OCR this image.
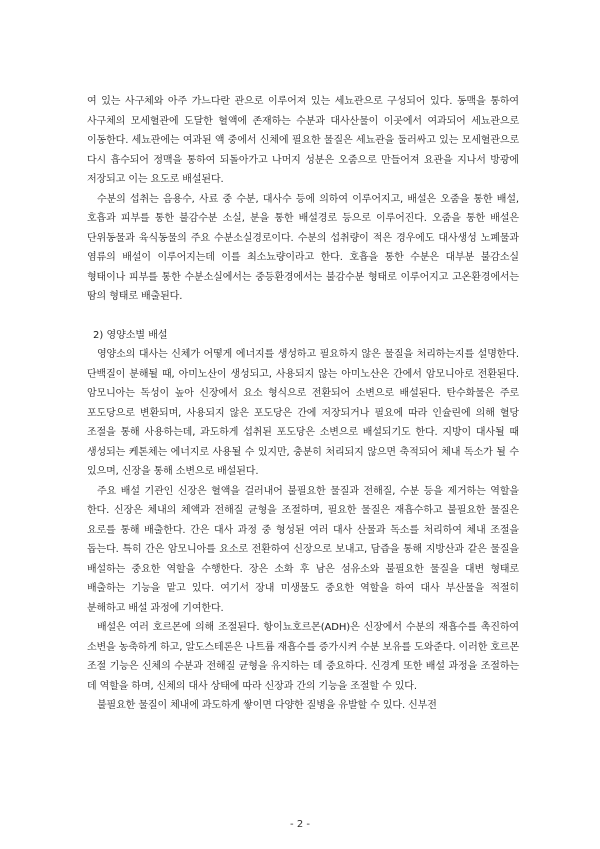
여 있는 사구체와 아주 가느다란 관으로 이루어져 있는 세뇨관으로 구성되어 있다. 동맥을 통하여 사구체의 모세혈관에 도달한 혈액에 존재하는 수분과 대사산물이 이곳에서 여과되어 세뇨관으로 이동한다. 세뇨관에는 여과된 액 중에서 신체에 필요한 물질은 세뇨관을 둘러싸고 있는 모세혈관으로 다시 흡수되어 정맥을 통하여 되돌아가고 나머지 성분은 오줌으로 만들어져 요관을 지나서 방광에 저장되고 이는 요도로 배설된다.

수분의 섭취는 음용수, 사료 중 수분, 대사수 등에 의하여 이루어지고, 배설은 오줌을 통한 배설, 호흡과 피부를 통한 불감수분 소실, 분을 통한 배설경로 등으로 이루어진다. 오줌을 통한 배설은 단위동물과 육식동물의 주요 수분소실경로이다. 수분의 섭취량이 적은 경우에도 대사생성 노폐물과 염류의 배설이 이루어지는데 이를 최소뇨량이라고 한다. 호흡을 통한 수분은 대부분 불감소실 형태이나 피부를 통한 수분소실에서는 중등환경에서는 불감수분 형태로 이루어지고 고온환경에서는 땀의 형태로 배출된다.

2) 영양소별 배설

영양소의 대사는 신체가 어떻게 에너지를 생성하고 필요하지 않은 물질을 처리하는지를 설명한다. 단백질이 분해될 때, 아미노산이 생성되고, 사용되지 않는 아미노산은 간에서 암모니아로 전환된다. 암모니아는 독성이 높아 신장에서 요소 형식으로 전환되어 소변으로 배설된다. 탄수화물은 주로 포도당으로 변환되며, 사용되지 않은 포도당은 간에 저장되거나 필요에 따라 인슐린에 의해 혈당 조절을 통해 사용하는데, 과도하게 섭취된 포도당은 소변으로 배설되기도 한다. 지방이 대사될 때 생성되는 케톤체는 에너지로 사용될 수 있지만, 충분히 처리되지 않으면 축적되어 체내 독소가 될 수 있으며, 신장을 통해 소변으로 배설된다.

주요 배설 기관인 신장은 혈액을 걸러내어 불필요한 물질과 전해질, 수분 등을 제거하는 역할을 한다. 신장은 체내의 체액과 전해질 균형을 조절하며, 필요한 물질은 재흡수하고 불필요한 물질은 요로를 통해 배출한다. 간은 대사 과정 중 형성된 여러 대사 산물과 독소를 처리하여 체내 조절을 돕는다. 특히 간은 암모니아를 요소로 전환하여 신장으로 보내고, 담즙을 통해 지방산과 같은 물질을 배설하는 중요한 역할을 수행한다. 장은 소화 후 남은 섬유소와 불필요한 물질을 대변 형태로 배출하는 기능을 맡고 있다. 여기서 장내 미생물도 중요한 역할을 하여 대사 부산물을 적절히 분해하고 배설 과정에 기여한다.

배설은 여러 호르몬에 의해 조절된다. 항이뇨호르몬(ADH)은 신장에서 수분의 재흡수를 촉진하여 소변을 농축하게 하고, 알도스테론은 나트륨 재흡수를 증가시켜 수분 보유를 도와준다. 이러한 호르몬 조절 기능은 신체의 수분과 전해질 균형을 유지하는 데 중요하다. 신경계 또한 배설 과정을 조절하는 데 역할을 하며, 신체의 대사 상태에 따라 신장과 간의 기능을 조절할 수 있다.

불필요한 물질이 체내에 과도하게 쌓이면 다양한 질병을 유발할 수 있다. 신부전

- 2 -
